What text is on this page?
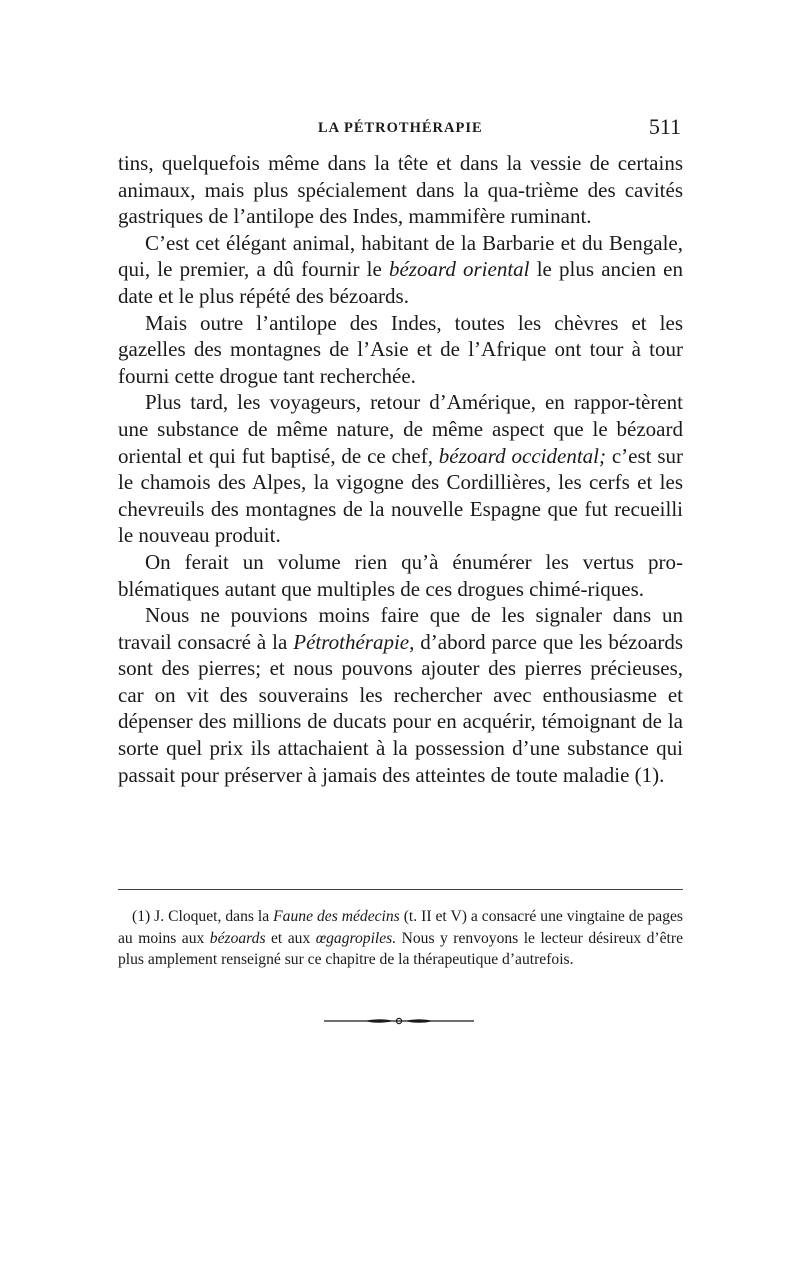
LA PÉTROTHÉRAPIE	511

tins, quelquefois même dans la tête et dans la vessie de certains animaux, mais plus spécialement dans la qua-trième des cavités gastriques de l’antilope des Indes, mammifère ruminant.

C’est cet élégant animal, habitant de la Barbarie et du Bengale, qui, le premier, a dû fournir le bézoard oriental le plus ancien en date et le plus répété des bézoards.

Mais outre l’antilope des Indes, toutes les chèvres et les gazelles des montagnes de l’Asie et de l’Afrique ont tour à tour fourni cette drogue tant recherchée.

Plus tard, les voyageurs, retour d’Amérique, en rappor-tèrent une substance de même nature, de même aspect que le bézoard oriental et qui fut baptisé, de ce chef, bézoard occidental; c’est sur le chamois des Alpes, la vigogne des Cordillières, les cerfs et les chevreuils des montagnes de la nouvelle Espagne que fut recueilli le nouveau produit.

On ferait un volume rien qu’à énumérer les vertus pro-blématiques autant que multiples de ces drogues chimé-riques.

Nous ne pouvions moins faire que de les signaler dans un travail consacré à la Pétrothérapie, d’abord parce que les bézoards sont des pierres; et nous pouvons ajouter des pierres précieuses, car on vit des souverains les rechercher avec enthousiasme et dépenser des millions de ducats pour en acquérir, témoignant de la sorte quel prix ils attachaient à la possession d’une substance qui passait pour préserver à jamais des atteintes de toute maladie (1).

(1) J. Cloquet, dans la Faune des médecins (t. II et V) a consacré une vingtaine de pages au moins aux bézoards et aux œgagropiles. Nous y renvoyons le lecteur désireux d’être plus amplement renseigné sur ce chapitre de la thérapeutique d’autrefois.
